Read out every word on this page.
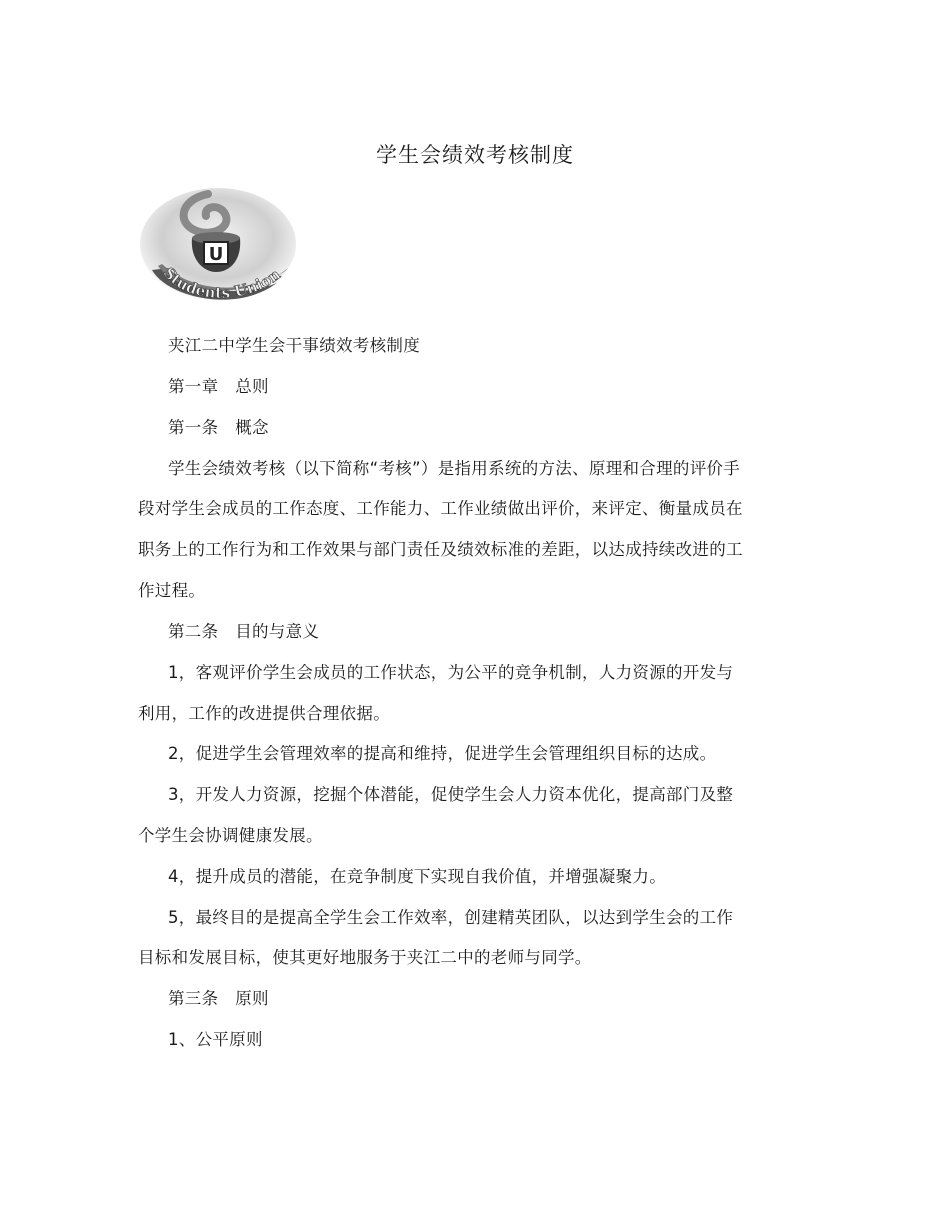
学生会绩效考核制度
U
Students Union
夹江二中学生会干事绩效考核制度
第一章　总则
第一条　概念
学生会绩效考核（以下简称“考核”）是指用系统的方法、原理和合理的评价手
段对学生会成员的工作态度、工作能力、工作业绩做出评价，来评定、衡量成员在
职务上的工作行为和工作效果与部门责任及绩效标准的差距，以达成持续改进的工
作过程。
第二条　目的与意义
1，客观评价学生会成员的工作状态，为公平的竞争机制，人力资源的开发与
利用，工作的改进提供合理依据。
2，促进学生会管理效率的提高和维持，促进学生会管理组织目标的达成。
3，开发人力资源，挖掘个体潜能，促使学生会人力资本优化，提高部门及整
个学生会协调健康发展。
4，提升成员的潜能，在竞争制度下实现自我价值，并增强凝聚力。
5，最终目的是提高全学生会工作效率，创建精英团队，以达到学生会的工作
目标和发展目标，使其更好地服务于夹江二中的老师与同学。
第三条　原则
1、公平原则
